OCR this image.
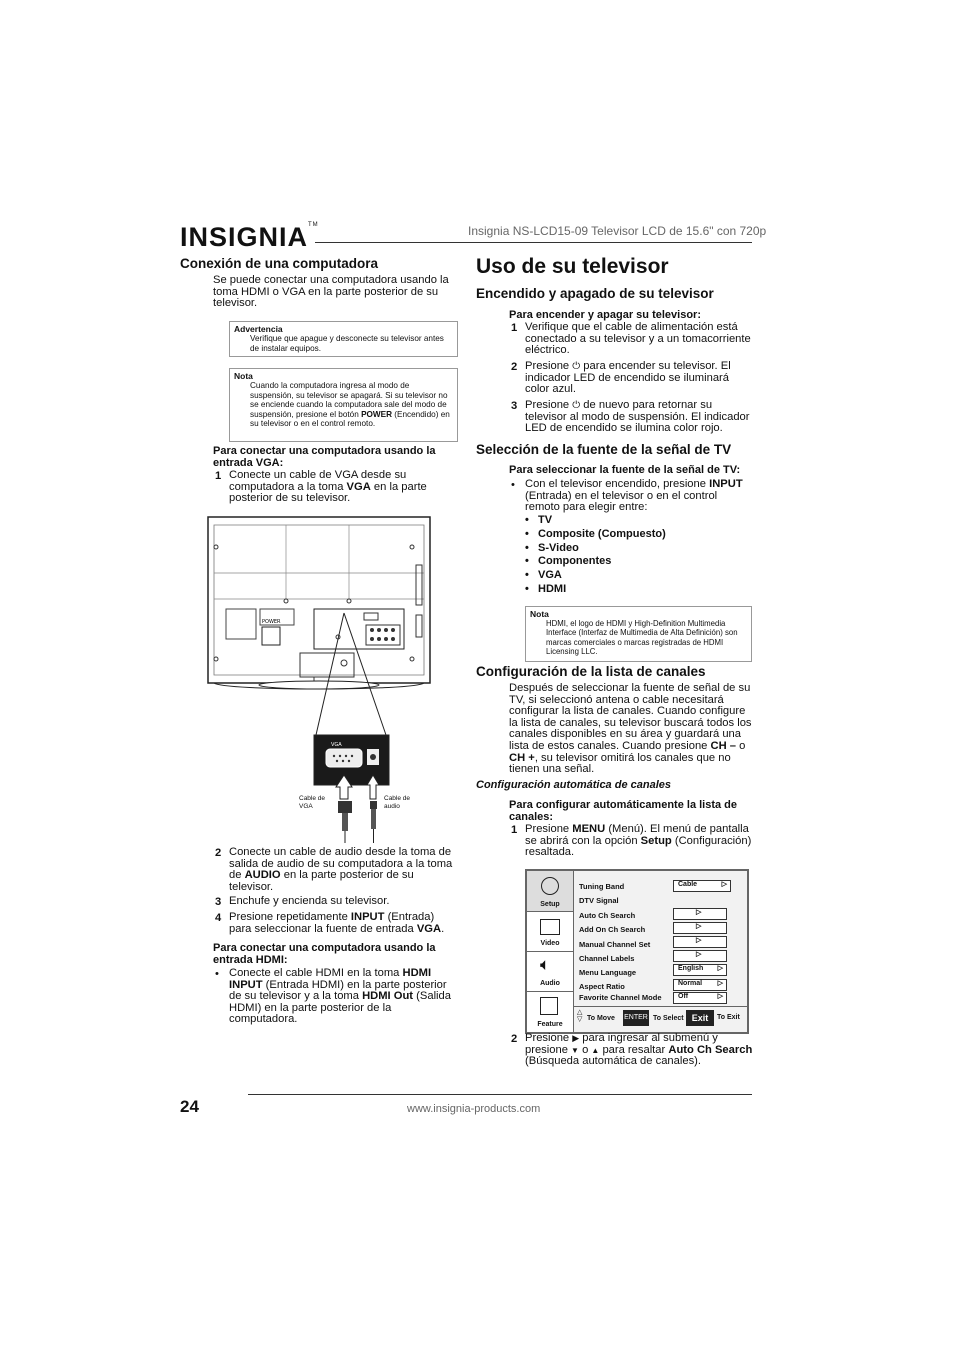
INSIGNIA™	Insignia NS-LCD15-09 Televisor LCD de 15.6" con 720p
Conexión de una computadora
Se puede conectar una computadora usando la toma HDMI o VGA en la parte posterior de su televisor.
Advertencia
Verifique que apague y desconecte su televisor antes de instalar equipos.
Nota
Cuando la computadora ingresa al modo de suspensión, su televisor se apagará. Si su televisor no se enciende cuando la computadora sale del modo de suspensión, presione el botón POWER (Encendido) en su televisor o en el control remoto.
Para conectar una computadora usando la entrada VGA:
1 Conecte un cable de VGA desde su computadora a la toma VGA en la parte posterior de su televisor.
POWER
VGA
Cable de VGA
Cable de audio
2 Conecte un cable de audio desde la toma de salida de audio de su computadora a la toma de AUDIO en la parte posterior de su televisor.
3 Enchufe y encienda su televisor.
4 Presione repetidamente INPUT (Entrada) para seleccionar la fuente de entrada VGA.
Para conectar una computadora usando la entrada HDMI:
• Conecte el cable HDMI en la toma HDMI INPUT (Entrada HDMI) en la parte posterior de su televisor y a la toma HDMI Out (Salida HDMI) en la parte posterior de la computadora.
Uso de su televisor
Encendido y apagado de su televisor
Para encender y apagar su televisor:
1 Verifique que el cable de alimentación está conectado a su televisor y a un tomacorriente eléctrico.
2 Presione ⏻ para encender su televisor. El indicador LED de encendido se iluminará color azul.
3 Presione ⏻ de nuevo para retornar su televisor al modo de suspensión. El indicador LED de encendido se ilumina color rojo.
Selección de la fuente de la señal de TV
Para seleccionar la fuente de la señal de TV:
• Con el televisor encendido, presione INPUT (Entrada) en el televisor o en el control remoto para elegir entre:
•   TV
•   Composite (Compuesto)
•   S-Video
•   Componentes
•   VGA
•   HDMI
Nota
HDMI, el logo de HDMI y High-Definition Multimedia Interface (Interfaz de Multimedia de Alta Definición) son marcas comerciales o marcas registradas de HDMI Licensing LLC.
Configuración de la lista de canales
Después de seleccionar la fuente de señal de su TV, si seleccionó antena o cable necesitará configurar la lista de canales. Cuando configure la lista de canales, su televisor buscará todos los canales disponibles en su área y guardará una lista de estos canales. Cuando presione CH – o CH +, su televisor omitirá los canales que no tienen una señal.
Configuración automática de canales
Para configurar automáticamente la lista de canales:
1 Presione MENU (Menú). El menú de pantalla se abrirá con la opción Setup (Configuración) resaltada.
Setup
Video
🔈︎
Audio
Feature
Tuning Band	Cable	▷
DTV Signal
Auto Ch Search	▷
Add On Ch Search	▷
Manual Channel Set	▷
Channel Labels	▷
Menu Language	English ▷
Aspect Ratio	Normal ▷
Favorite Channel Mode	Off	▷
△
▽ To Move ENTER To Select Exit	To Exit
2 Presione ▶ para ingresar al submenú y presione ▼ o ▲ para resaltar Auto Ch Search (Búsqueda automática de canales).
24	www.insignia-products.com
